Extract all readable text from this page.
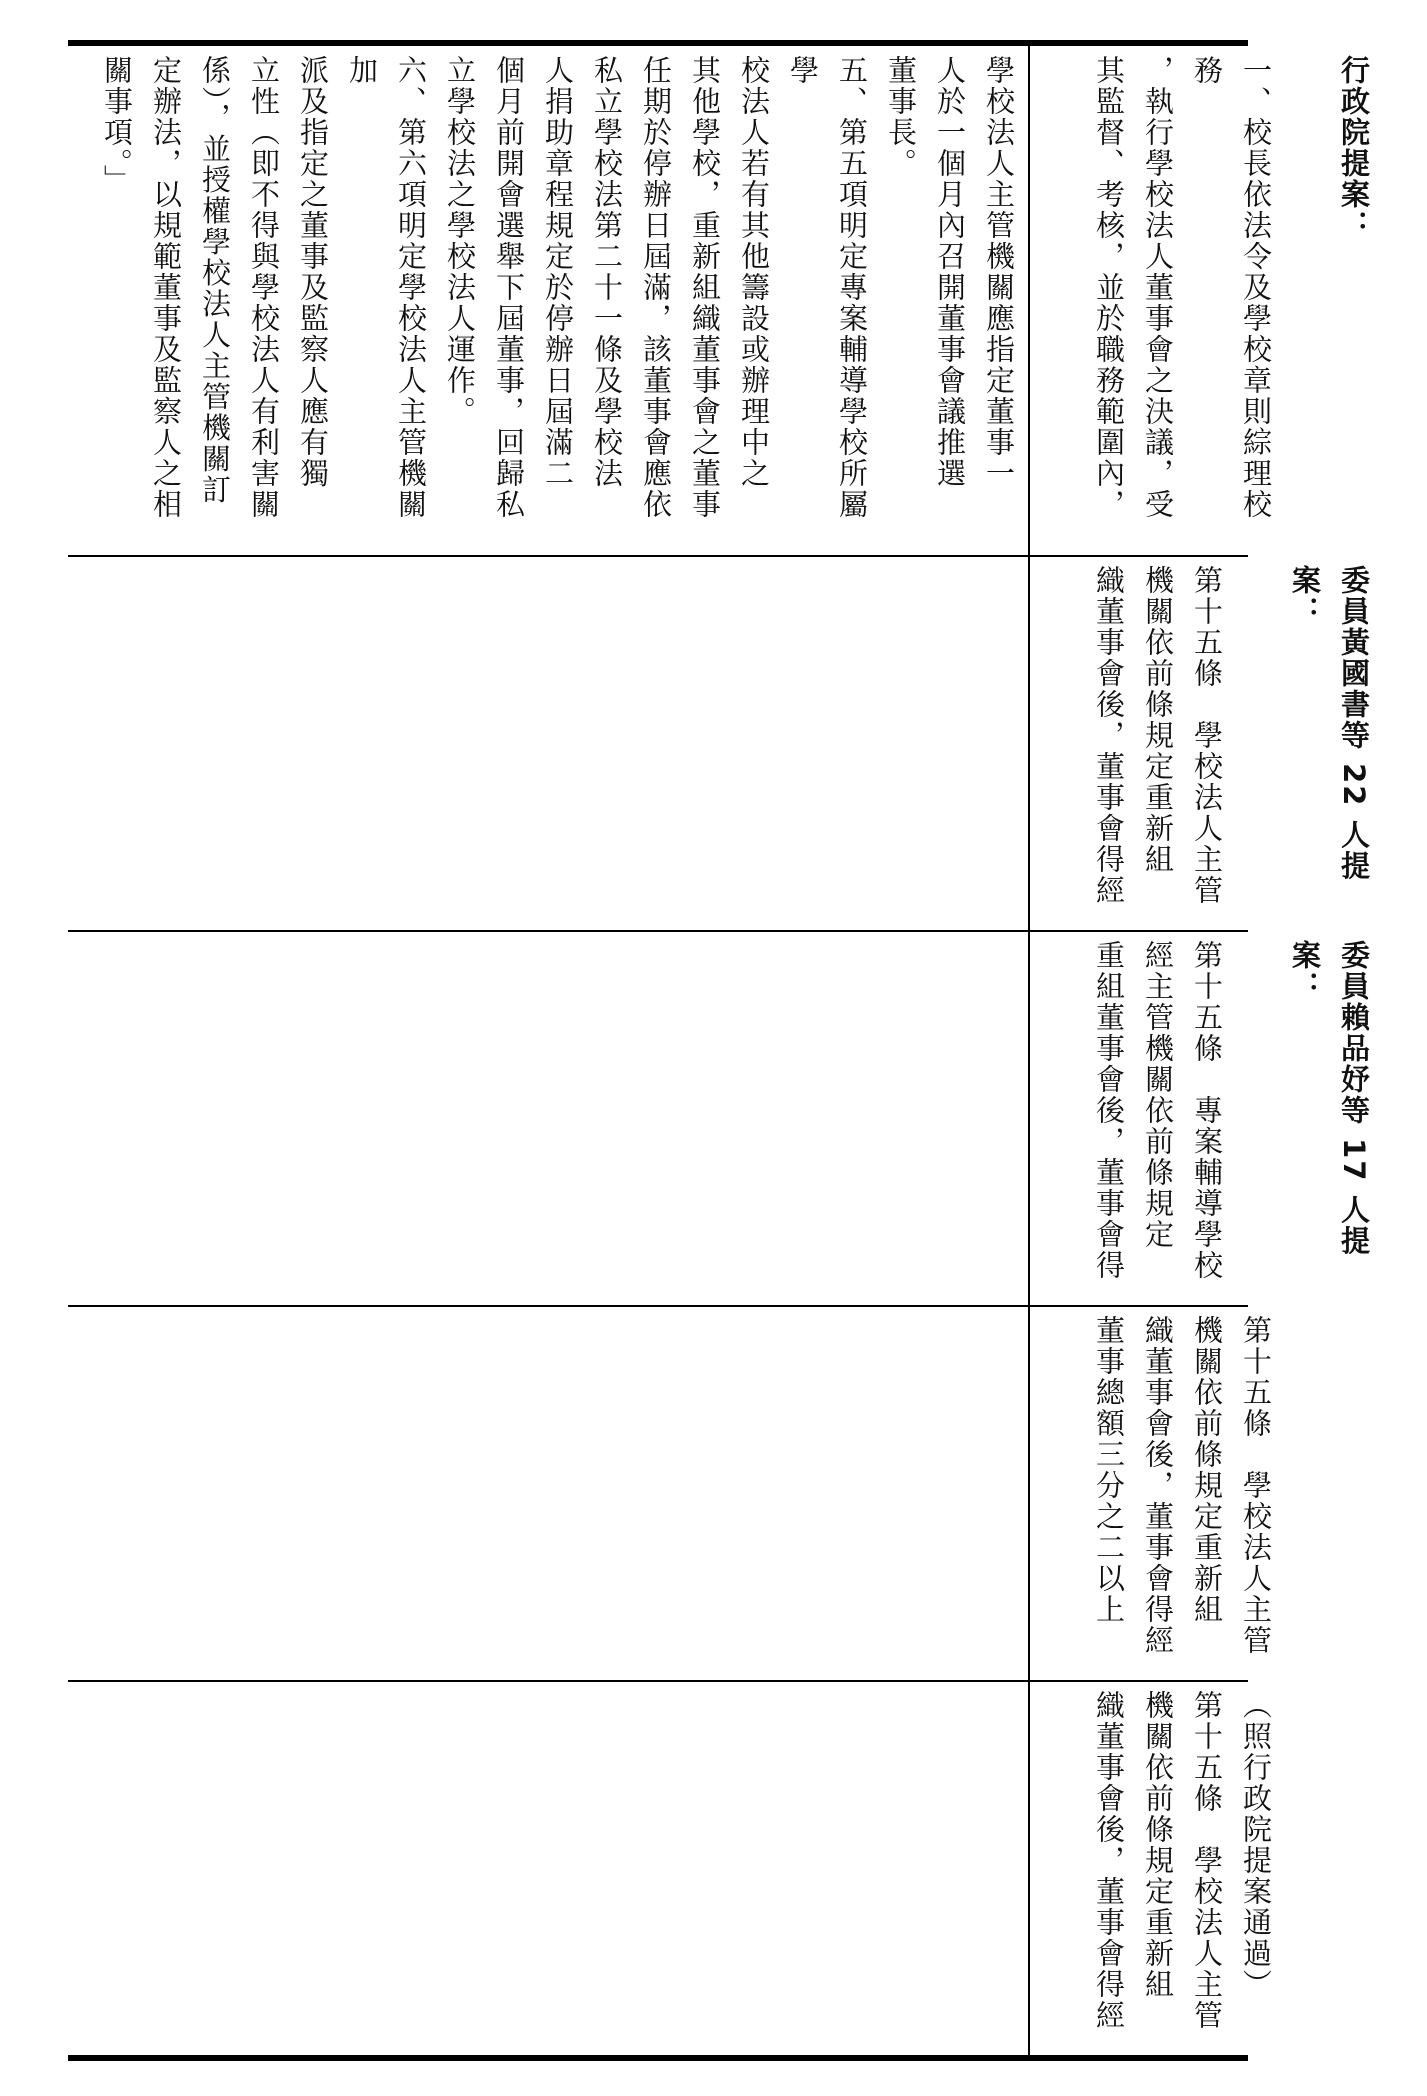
學校法人主管機關應指定董事一
人於一個月內召開董事會議推選
董事長。
五、第五項明定專案輔導學校所屬學
校法人若有其他籌設或辦理中之
其他學校，重新組織董事會之董事
任期於停辦日屆滿，該董事會應依
私立學校法第二十一條及學校法
人捐助章程規定於停辦日屆滿二
個月前開會選舉下屆董事，回歸私
立學校法之學校法人運作。
六、第六項明定學校法人主管機關加
派及指定之董事及監察人應有獨
立性（即不得與學校法人有利害關
係），並授權學校法人主管機關訂
定辦法，以規範董事及監察人之相
關事項。」	行政院提案：

一、校長依法令及學校章則綜理校務
，執行學校法人董事會之決議，受
其監督、考核，並於職務範圍內，

委員黃國書等 22 人提案：

第十五條　學校法人主管
機關依前條規定重新組
織董事會後，董事會得經

委員賴品妤等 17 人提案：

第十五條　專案輔導學校
經主管機關依前條規定
重組董事會後，董事會得

第十五條　學校法人主管
機關依前條規定重新組
織董事會後，董事會得經
董事總額三分之二以上

（照行政院提案通過）
第十五條　學校法人主管
機關依前條規定重新組
織董事會後，董事會得經
